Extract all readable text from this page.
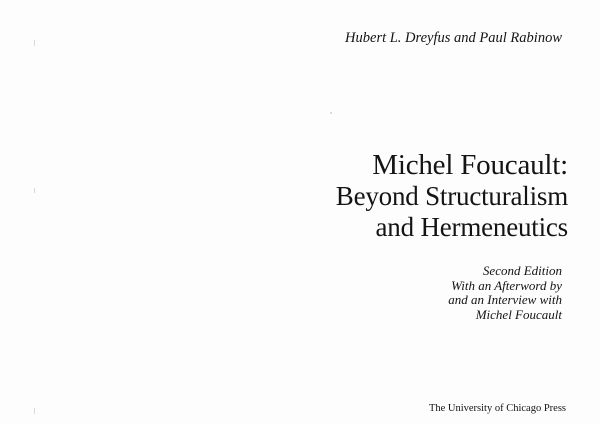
Hubert L. Dreyfus and Paul Rabinow
Michel Foucault:
Beyond Structuralism
and Hermeneutics
Second Edition
With an Afterword by
and an Interview with
Michel Foucault
The University of Chicago Press
